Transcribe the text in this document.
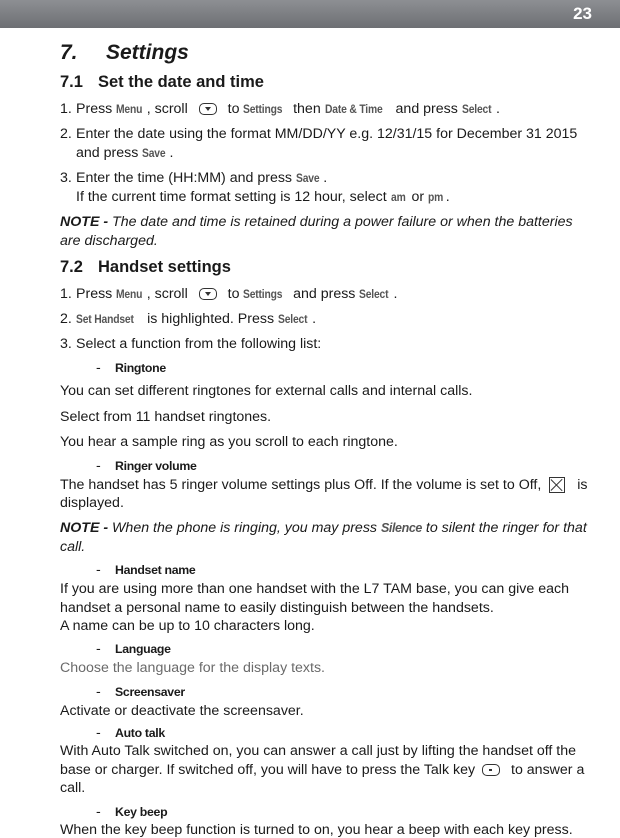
23
7. Settings
7.1 Set the date and time
1. Press Menu , scroll
to Settings then Date & Time and press Select .
2. Enter the date using the format MM/DD/YY e.g. 12/31/15 for December 31 2015
and press Save .
3. Enter the time (HH:MM) and press Save .
If the current time format setting is 12 hour, select am or pm .
NOTE - The date and time is retained during a power failure or when the batteries
are discharged.
7.2 Handset settings
1. Press Menu , scroll
to Settings and press Select .
2. Set Handset is highlighted. Press Select .
3. Select a function from the following list:
- Ringtone
You can set different ringtones for external calls and internal calls.
Select from 11 handset ringtones.
You hear a sample ring as you scroll to each ringtone.
- Ringer volume
The handset has 5 ringer volume settings plus Off. If the volume is set to Off, is
displayed.
NOTE - When the phone is ringing, you may press Silence to silent the ringer for that
call.
- Handset name
If you are using more than one handset with the L7 TAM base, you can give each
handset a personal name to easily distinguish between the handsets.
A name can be up to 10 characters long.
- Language
Choose the language for the display texts.
- Screensaver
Activate or deactivate the screensaver.
- Auto talk
With Auto Talk switched on, you can answer a call just by lifting the handset off the
base or charger. If switched off, you will have to press the Talk key
to answer a
call.
- Key beep
When the key beep function is turned to on, you hear a beep with each key press.
